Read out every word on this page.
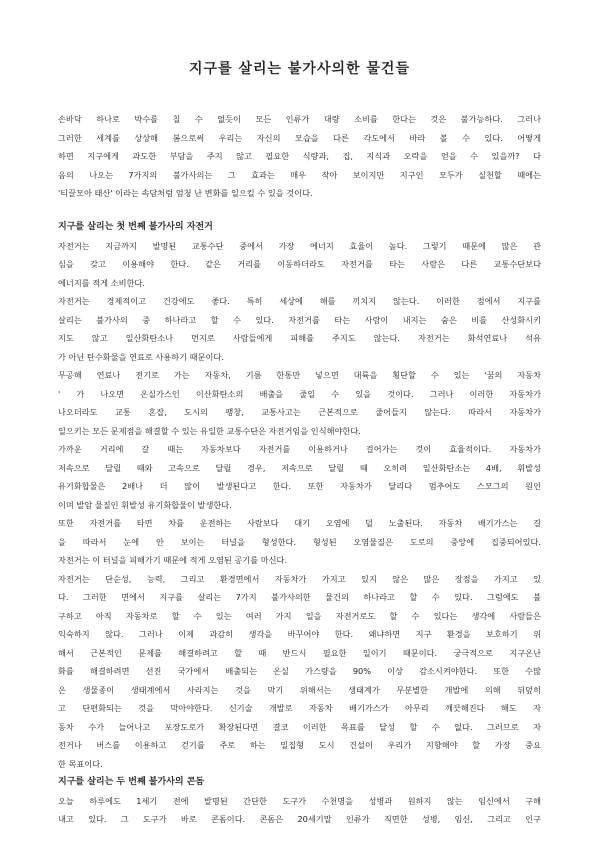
지구를 살리는 불가사의한 물건들
손바닥 하나로 박수를 칠 수 없듯이 모든 인류가 대량 소비를 한다는 것은 불가능하다. 그러나
그러한 세계를 상상해 봄으로써 우리는 자신의 모습을 다른 각도에서 바라 볼 수 있다. 어떻게
하면 지구에게 과도한 부담을 주지 않고 필요한 식량과, 집, 지식과 오락을 얻을 수 있을까? 다
음의 나오는 7가지의 불가사의는 그 효과는 매우 작아 보이지만 지구인 모두가 실천할 때에는
'티끌모아 태산' 이라는 속담처럼 엄청 난 변화를 일으킬 수 있을 것이다.
지구를 살리는 첫 번째 불가사의 자전거
자전거는 지금까지 발명된 교통수단 중에서 가장 에너지 효율이 높다. 그렇기 때문에 많은 관
심을 갖고 이용해야 한다. 같은 거리를 이동하더라도 자전거를 타는 사람은 다른 교통수단보다
에너지를 적게 소비한다.
자전거는 경제적이고 건강에도 좋다. 특히 세상에 해를 끼치지 않는다. 이러한 점에서 지구를
살리는 불가사의 중 하나라고 할 수 있다. 자전거를 타는 사람이 내지는 숨은 비를 산성화시키
지도 않고 일산화탄소나 먼지로 사람들에게 피해를 주지도 않는다. 자전거는 화석연료나 석유
가 아닌 탄수화물을 연료로 사용하기 때문이다.
무공해 연료나 전기로 가는 자동차, 기름 한통만 넣으면 대륙을 횡단할 수 있는 '꿈의 자동차
' 가 나오면 온실가스인 이산화탄소의 배출을 줄일 수 있을 것이다. 그러나 이러한 자동차가
나오더라도 교통 혼잡, 도시의 팽창, 교통사고는 근본적으로 줄어들지 않는다. 따라서 자동차가
일으키는 모든 문제점을 해결할 수 있는 유일한 교통수단은 자전거임을 인식해야한다.
가까운 거리에 갈 때는 자동차보다 자전거를 이용하거나 걸어가는 것이 효율적이다. 자동차가
저속으로 달릴 때와 고속으로 달릴 경우, 저속으로 달릴 때 오히려 일산화탄소는 4배, 휘발성
유기화합물은 2배나 더 많이 발생된다고 한다. 또한 자동차가 달리다 멈추어도 스모그의 원인
이며 발암 물질인 휘발성 유기화합물이 발생한다.
또한 자전거를 타면 차를 운전하는 사람보다 대기 오염에 덜 노출된다. 자동차 배기가스는 길
을 따라서 눈에 안 보이는 터널을 형성한다. 형성된 오염물질은 도로의 중앙에 집중되어있다.
자전거는 이 터널을 피해가기 때문에 적게 오염된 공기를 마신다.
자전거는 단순성, 능력, 그리고 환경면에서 자동차가 가지고 있지 않은 많은 장점을 가지고 있
다. 그러한 면에서 지구를 살리는 7가지 불가사의한 물건의 하나라고 할 수 있다. 그럼에도 불
구하고 아직 자동차로 할 수 있는 여러 가지 일을 자전거로도 할 수 있다는 생각에 사람들은
익숙하지 않다. 그러나 이제 과감히 생각을 바꾸어야 한다. 왜냐하면 지구 환경을 보호하기 위
해서 근본적인 문제를 해결하려고 할 때 반드시 필요한 일이기 때문이다. 궁극적으로 지구온난
화를 해결하려면 선진 국가에서 배출되는 온실 가스량을 90% 이상 감소시켜야한다. 또한 수많
은 생물종이 생태계에서 사라지는 것을 막기 위해서는 생태계가 무분별한 개발에 의해 뒤덮히
고 단편화되는 것을 막아야한다. 신기술 개발로 자동차 배기가스가 아무리 깨끗해진다 해도 자
동차 수가 늘어나고 포장도로가 확장된다면 결코 이러한 목표를 달성 할 수 없다. 그러므로 자
전거나 버스를 이용하고 걷기를 주로 하는 밀집형 도시 건설이 우리가 지향해야 할 가장 중요
한 목표이다.
지구를 살리는 두 번째 불가사의 콘돔
오늘 하루에도 1세기 전에 발명된 간단한 도구가 수천명을 성병과 원하지 않는 임신에서 구해
내고 있다. 그 도구가 바로 콘돔이다. 콘돔은 20세기말 인류가 직면한 성병, 임신, 그리고 인구
